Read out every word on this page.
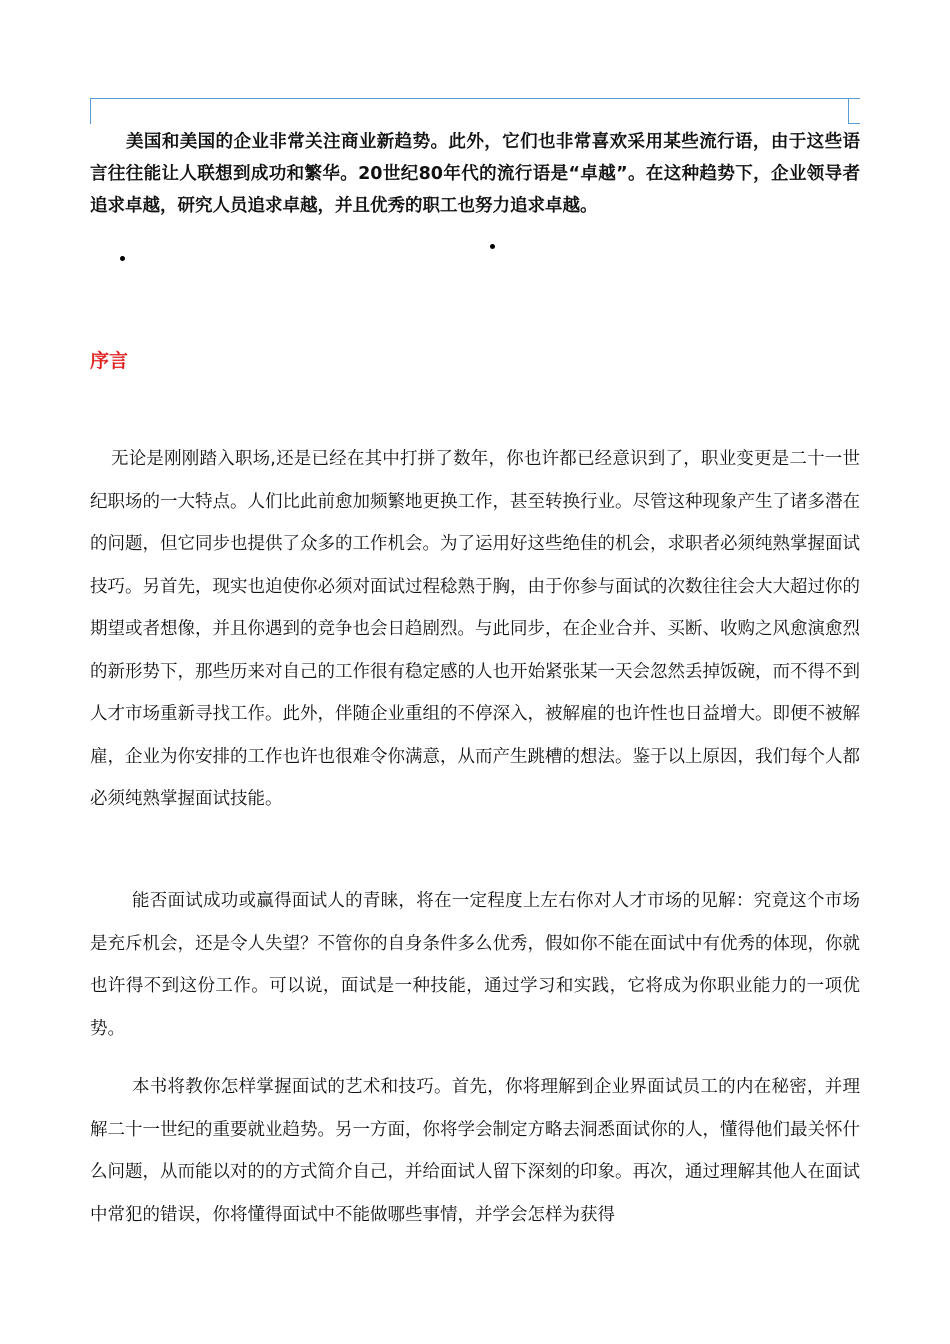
美国和美国的企业非常关注商业新趋势。此外，它们也非常喜欢采用某些流行语，由于这些语言往往能让人联想到成功和繁华。20世纪80年代的流行语是“卓越”。在这种趋势下，企业领导者追求卓越，研究人员追求卓越，并且优秀的职工也努力追求卓越。

序言

无论是刚刚踏入职场,还是已经在其中打拼了数年，你也许都已经意识到了，职业变更是二十一世纪职场的一大特点。人们比此前愈加频繁地更换工作，甚至转换行业。尽管这种现象产生了诸多潜在的问题，但它同步也提供了众多的工作机会。为了运用好这些绝佳的机会，求职者必须纯熟掌握面试技巧。另首先，现实也迫使你必须对面试过程稔熟于胸，由于你参与面试的次数往往会大大超过你的期望或者想像，并且你遇到的竞争也会日趋剧烈。与此同步，在企业合并、买断、收购之风愈演愈烈的新形势下，那些历来对自己的工作很有稳定感的人也开始紧张某一天会忽然丢掉饭碗，而不得不到人才市场重新寻找工作。此外，伴随企业重组的不停深入，被解雇的也许性也日益增大。即便不被解雇，企业为你安排的工作也许也很难令你满意，从而产生跳槽的想法。鉴于以上原因，我们每个人都必须纯熟掌握面试技能。

能否面试成功或赢得面试人的青睐，将在一定程度上左右你对人才市场的见解：究竟这个市场是充斥机会，还是令人失望？不管你的自身条件多么优秀，假如你不能在面试中有优秀的体现，你就也许得不到这份工作。可以说，面试是一种技能，通过学习和实践，它将成为你职业能力的一项优势。

本书将教你怎样掌握面试的艺术和技巧。首先，你将理解到企业界面试员工的内在秘密，并理解二十一世纪的重要就业趋势。另一方面，你将学会制定方略去洞悉面试你的人，懂得他们最关怀什么问题，从而能以对的的方式简介自己，并给面试人留下深刻的印象。再次，通过理解其他人在面试中常犯的错误，你将懂得面试中不能做哪些事情，并学会怎样为获得
